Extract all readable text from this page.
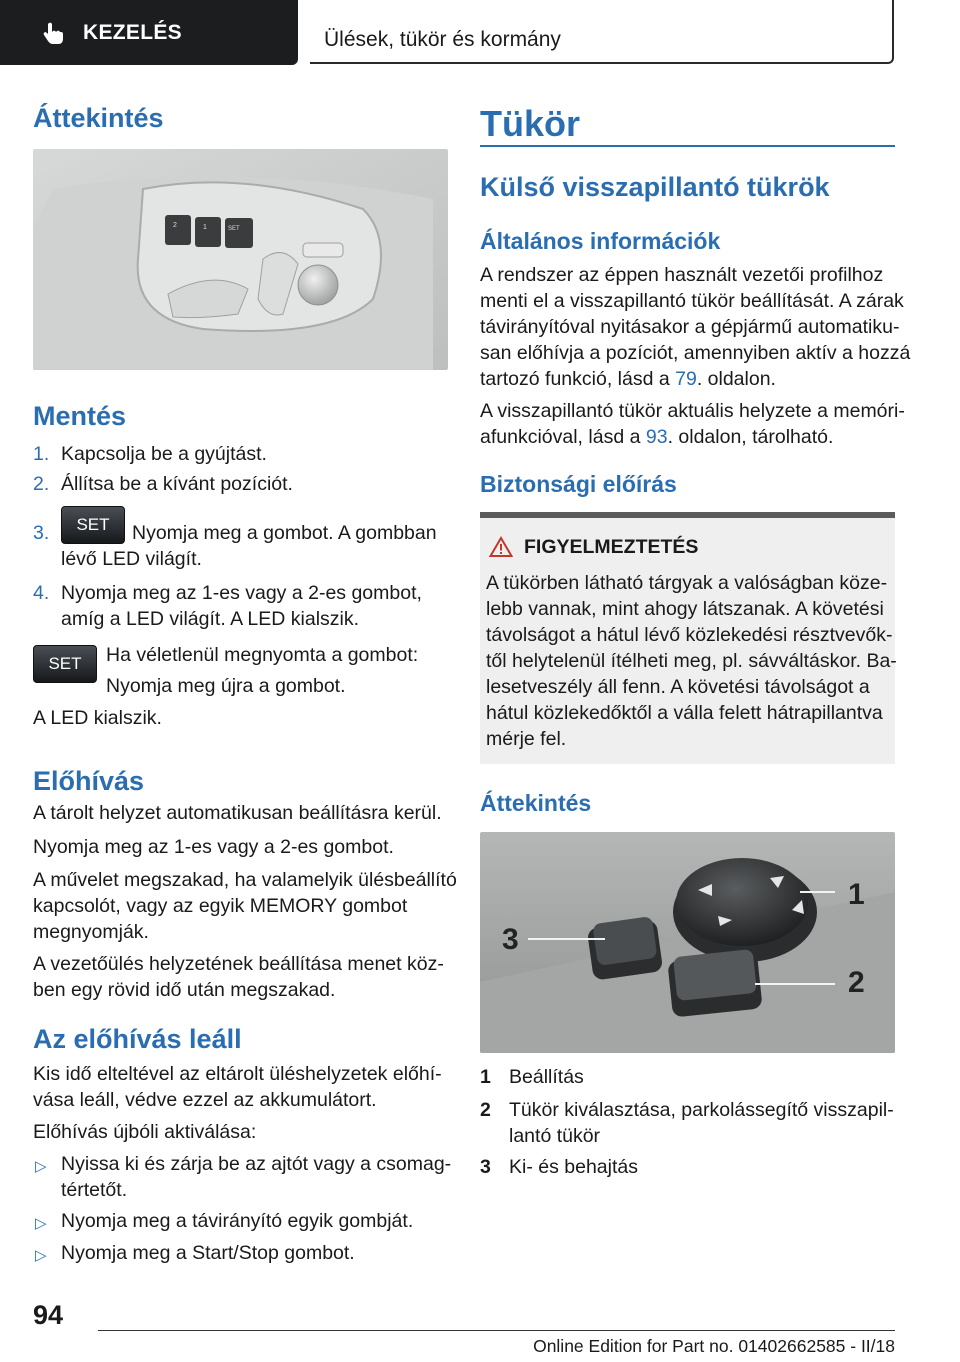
KEZELÉS	Ülések, tükör és kormány
Áttekintés
2	1	SET
Mentés
1. Kapcsolja be a gyújtást.
2. Állítsa be a kívánt pozíciót.
3.	SET	Nyomja meg a gombot. A gombban
lévő LED világít.
4. Nyomja meg az 1-es vagy a 2-es gombot,
amíg a LED világít. A LED kialszik.
SET	Ha véletlenül megnyomta a gombot:
Nyomja meg újra a gombot.
A LED kialszik.
Előhívás
A tárolt helyzet automatikusan beállításra kerül.
Nyomja meg az 1-es vagy a 2-es gombot.
A művelet megszakad, ha valamelyik ülésbeállító
kapcsolót, vagy az egyik MEMORY gombot
megnyomják.
A vezetőülés helyzetének beállítása menet köz-
ben egy rövid idő után megszakad.
Az előhívás leáll
Kis idő elteltével az eltárolt üléshelyzetek előhí-
vása leáll, védve ezzel az akkumulátort.
Előhívás újbóli aktiválása:
▷ Nyissa ki és zárja be az ajtót vagy a csomag-
tértetőt.
▷ Nyomja meg a távirányító egyik gombját.
▷ Nyomja meg a Start/Stop gombot.
Tükör
Külső visszapillantó tükrök
Általános információk
A rendszer az éppen használt vezetői profilhoz
menti el a visszapillantó tükör beállítását. A zárak
távirányítóval nyitásakor a gépjármű automatiku-
san előhívja a pozíciót, amennyiben aktív a hozzá
tartozó funkció, lásd a 79. oldalon.
A visszapillantó tükör aktuális helyzete a memóri-
afunkcióval, lásd a 93. oldalon, tárolható.
Biztonsági előírás
FIGYELMEZTETÉS
A tükörben látható tárgyak a valóságban köze-
lebb vannak, mint ahogy látszanak. A követési
távolságot a hátul lévő közlekedési résztvevők-
től helytelenül ítélheti meg, pl. sávváltáskor. Ba-
lesetveszély áll fenn. A követési távolságot a
hátul közlekedőktől a válla felett hátrapillantva
mérje fel.
Áttekintés
1
2
3
1 Beállítás
2 Tükör kiválasztása, parkolássegítő visszapil-
lantó tükör
3 Ki- és behajtás
94
Online Edition for Part no. 01402662585 - II/18
